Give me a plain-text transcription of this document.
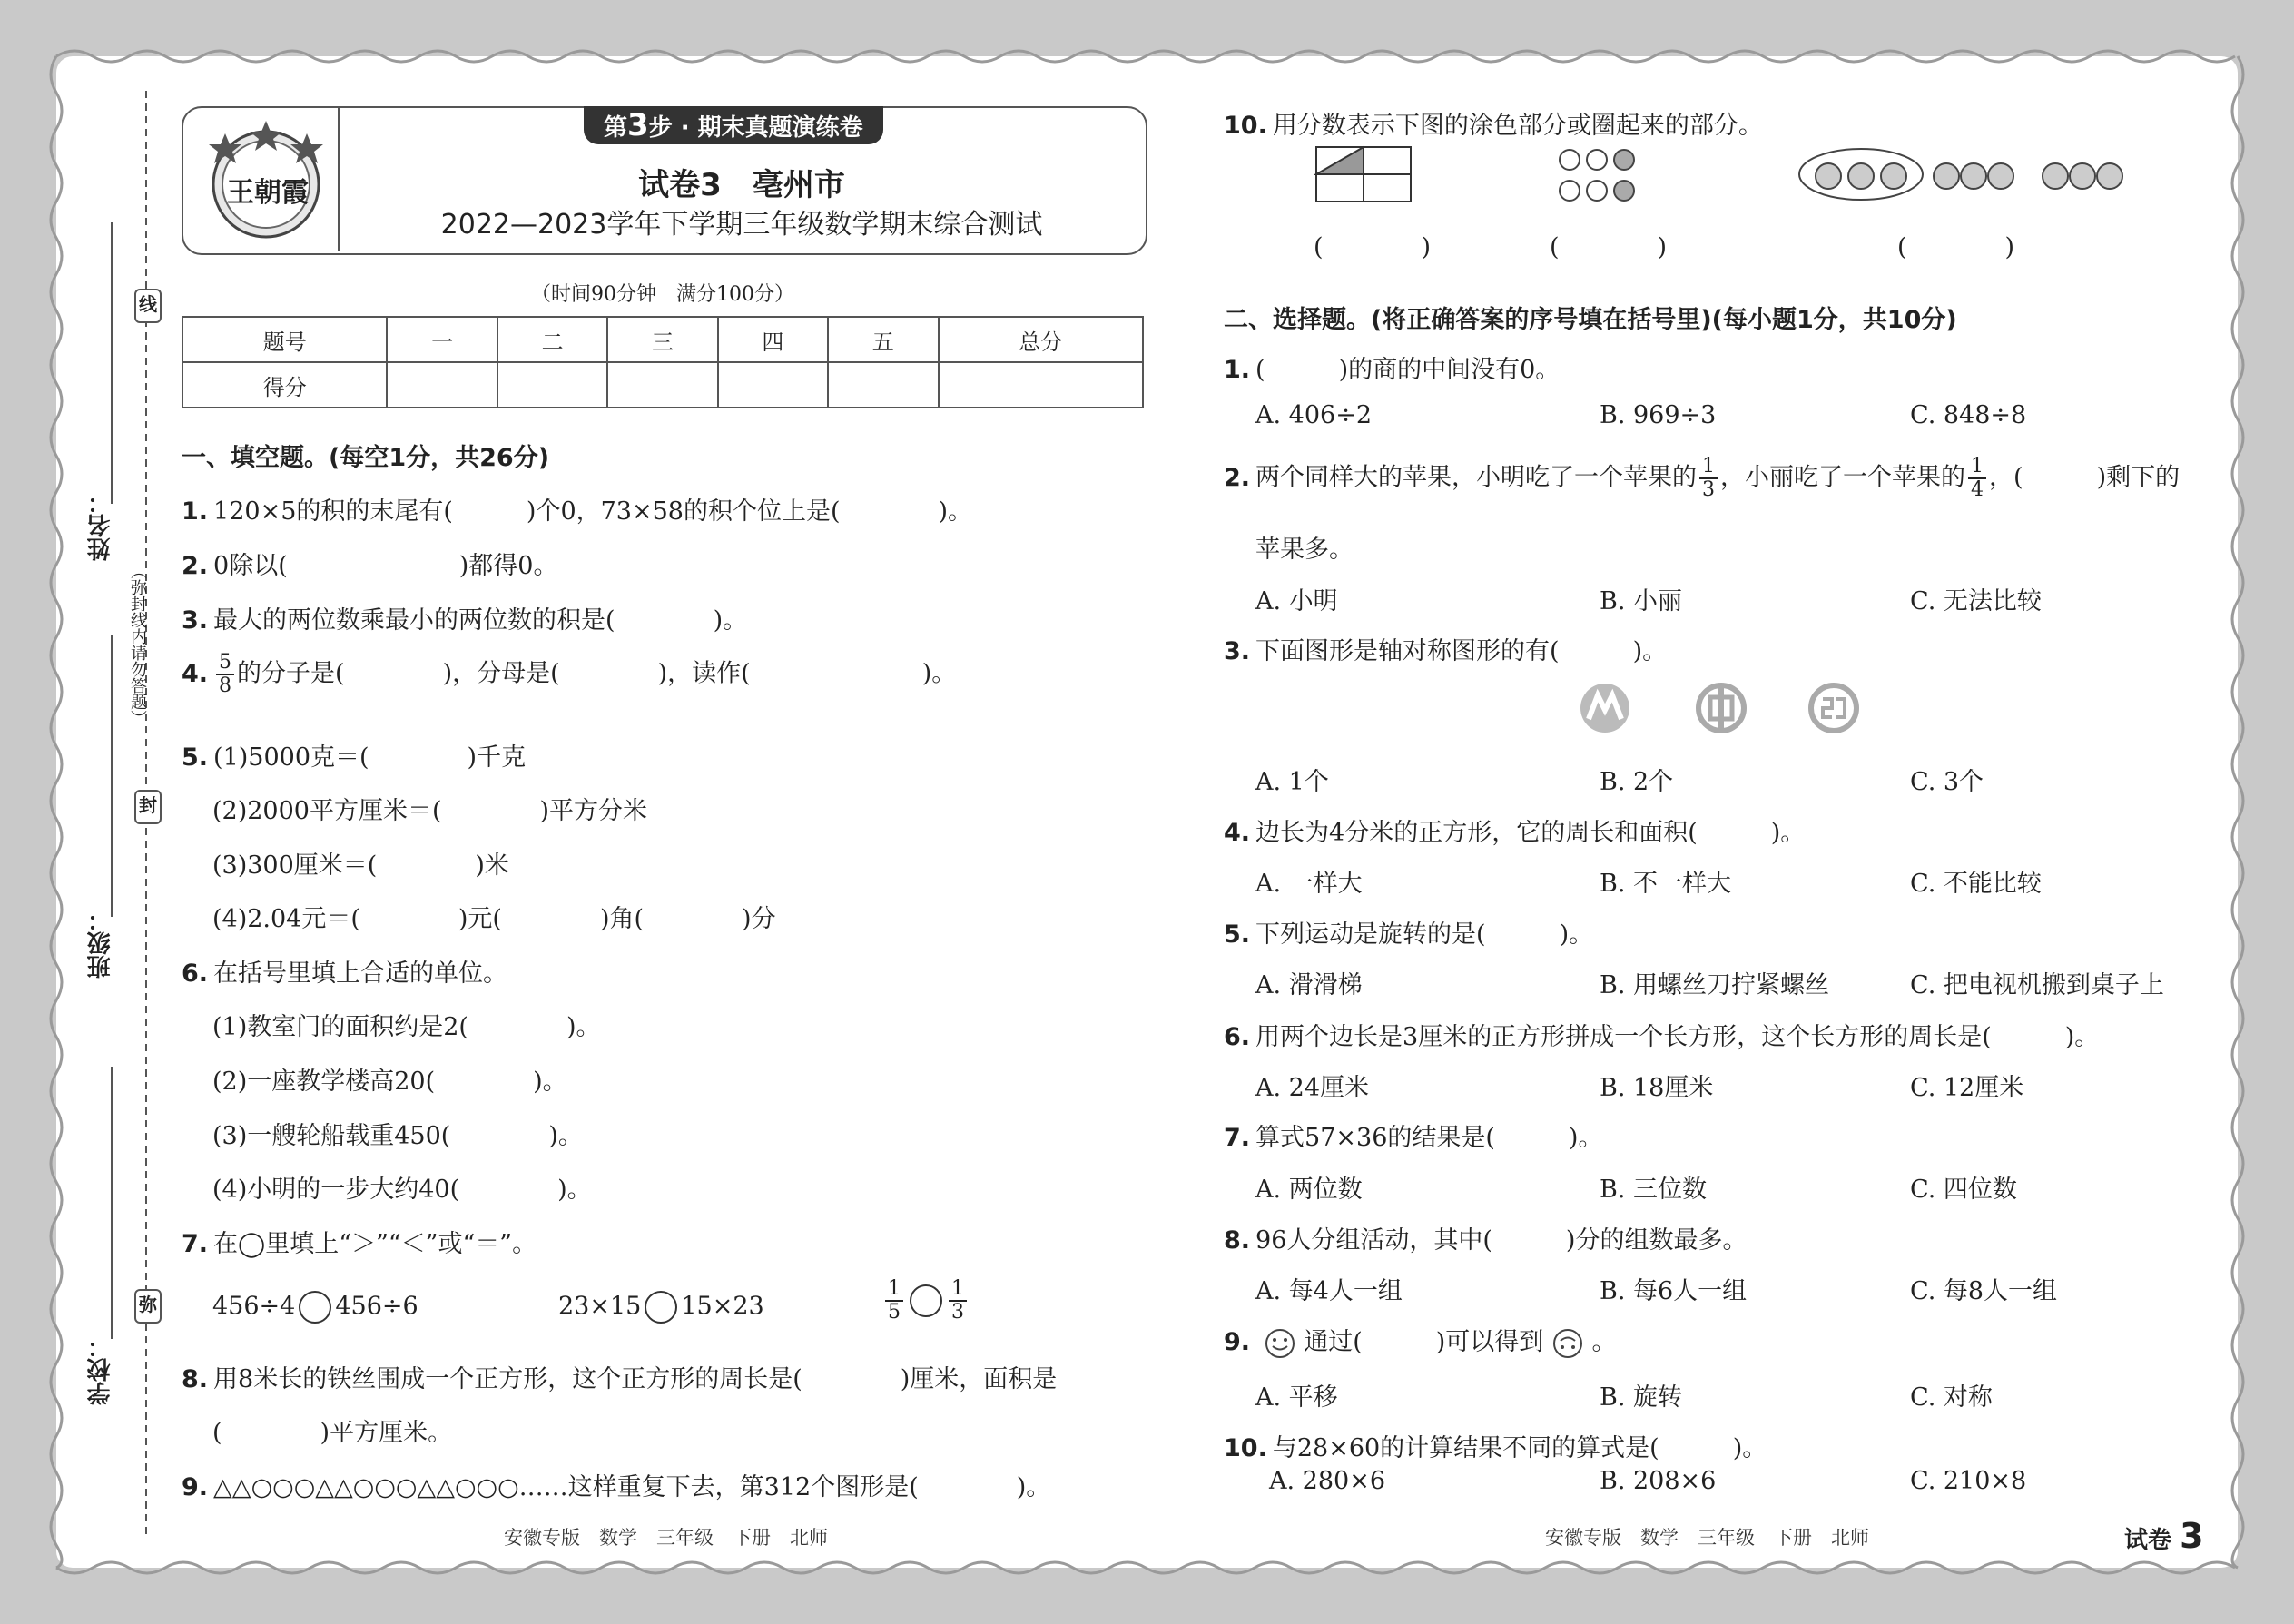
姓名：
班级：
学校：
线
封
弥
（弥封线内请勿答题）
王朝霞
第3步 · 期末真题演练卷
试卷3　亳州市
2022—2023学年下学期三年级数学期末综合测试
（时间90分钟　满分100分）
题号	一	二	三	四	五	总分
得分						
一、填空题。(每空1分，共26分)
1. 120×5的积的末尾有(　　　)个0，73×58的积个位上是(　　　　)。
2. 0除以(　　　　　　　)都得0。
3. 最大的两位数乘最小的两位数的积是(　　　　)。
4. $\frac{5}{8}$ 的分子是(　　　　)，分母是(　　　　)，读作(　　　　　　　)。
5. (1)5000克＝(　　　　)千克
(2)2000平方厘米＝(　　　　)平方分米
(3)300厘米＝(　　　　)米
(4)2.04元＝(　　　　)元(　　　　)角(　　　　)分
6. 在括号里填上合适的单位。
(1)教室门的面积约是2(　　　　)。
(2)一座教学楼高20(　　　　)。
(3)一艘轮船载重450(　　　　)。
(4)小明的一步大约40(　　　　)。
7. 在◯里填上“＞”“＜”或“＝”。
456÷4 456÷6	23×15 15×23	$\frac{1}{5} \frac{1}{3}$
8. 用8米长的铁丝围成一个正方形，这个正方形的周长是(　　　　)厘米，面积是
(　　　　)平方厘米。
9. △△○○○△△○○○△△○○○……这样重复下去，第312个图形是(　　　　)。
安徽专版　数学　三年级　下册　北师
10. 用分数表示下图的涂色部分或圈起来的部分。
(　　　　)	(　　　　)	(　　　　)
二、选择题。(将正确答案的序号填在括号里)(每小题1分，共10分)
1. (　　　)的商的中间没有0。
A. 406÷2	B. 969÷3	C. 848÷8
2. 两个同样大的苹果，小明吃了一个苹果的 $\frac{1}{3}$ ，小丽吃了一个苹果的 $\frac{1}{4}$ ，(　　　)剩下的
苹果多。
A. 小明	B. 小丽	C. 无法比较
3. 下面图形是轴对称图形的有(　　　)。
A. 1个	B. 2个	C. 3个
4. 边长为4分米的正方形，它的周长和面积(　　　)。
A. 一样大	B. 不一样大	C. 不能比较
5. 下列运动是旋转的是(　　　)。
A. 滑滑梯	B. 用螺丝刀拧紧螺丝	C. 把电视机搬到桌子上
6. 用两个边长是3厘米的正方形拼成一个长方形，这个长方形的周长是(　　　)。
A. 24厘米	B. 18厘米	C. 12厘米
7. 算式57×36的结果是(　　　)。
A. 两位数	B. 三位数	C. 四位数
8. 96人分组活动，其中(　　　)分的组数最多。
A. 每4人一组	B. 每6人一组	C. 每8人一组
9. 通过(　　　)可以得到 。
A. 平移	B. 旋转	C. 对称
10. 与28×60的计算结果不同的算式是(　　　)。
A. 280×6	B. 208×6	C. 210×8
安徽专版　数学　三年级　下册　北师	试卷 3
